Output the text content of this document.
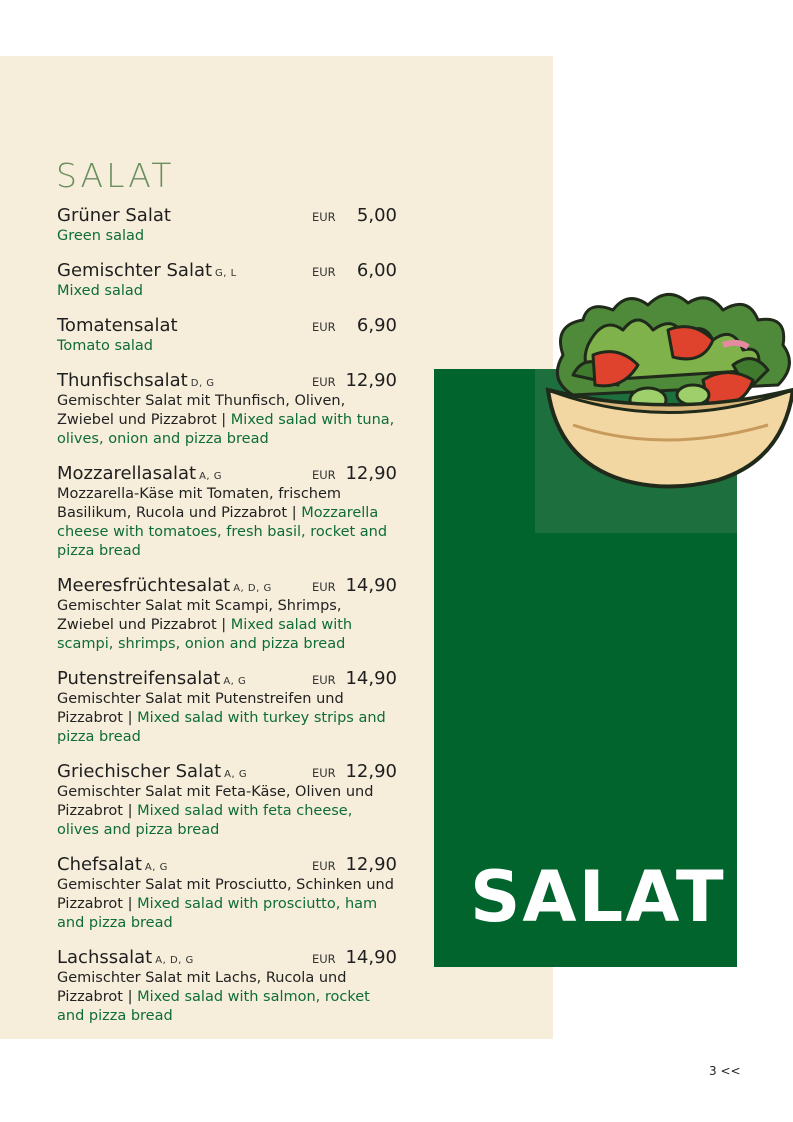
SALAT
Grüner Salat	EUR 5,00
Green salad
Gemischter Salat G, L	EUR 6,00
Mixed salad
Tomatensalat	EUR 6,90
Tomato salad
Thunfischsalat D, G	EUR 12,90
Gemischter Salat mit Thunfisch, Oliven, Zwiebel und Pizzabrot | Mixed salad with tuna, olives, onion and pizza bread
Mozzarellasalat A, G	EUR 12,90
Mozzarella-Käse mit Tomaten, frischem Basilikum, Rucola und Pizzabrot | Mozzarella cheese with tomatoes, fresh basil, rocket and pizza bread
Meeresfrüchtesalat A, D, G	EUR 14,90
Gemischter Salat mit Scampi, Shrimps, Zwiebel und Pizzabrot | Mixed salad with scampi, shrimps, onion and pizza bread
Putenstreifensalat A, G	EUR 14,90
Gemischter Salat mit Putenstreifen und Pizzabrot | Mixed salad with turkey strips and pizza bread
Griechischer Salat A, G	EUR 12,90
Gemischter Salat mit Feta-Käse, Oliven und Pizzabrot | Mixed salad with feta cheese, olives and pizza bread
Chefsalat A, G	EUR 12,90
Gemischter Salat mit Prosciutto, Schinken und Pizzabrot | Mixed salad with prosciutto, ham and pizza bread
Lachssalat A, D, G	EUR 14,90
Gemischter Salat mit Lachs, Rucola und Pizzabrot | Mixed salad with salmon, rocket and pizza bread
SALAT
3 <<
